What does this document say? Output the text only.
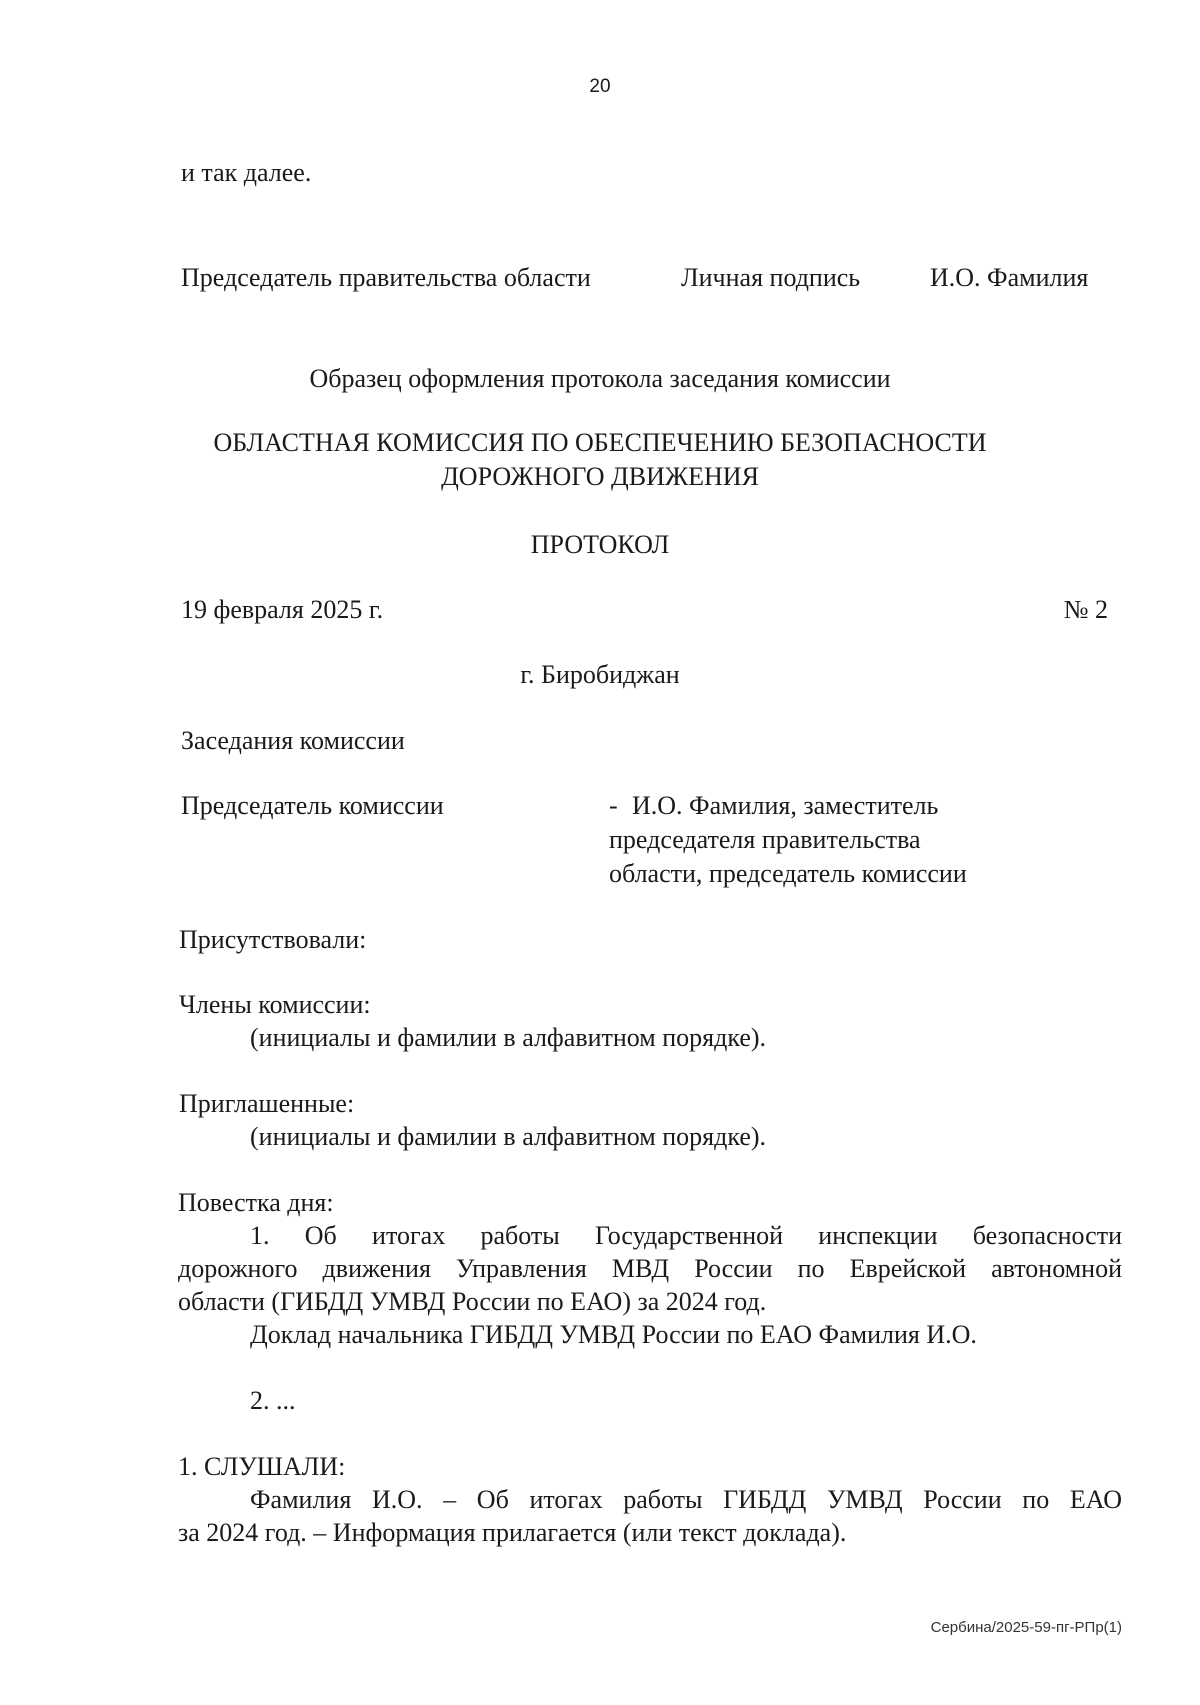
20
и так далее.
Председатель правительства области	Личная подпись	И.О. Фамилия
Образец оформления протокола заседания комиссии
ОБЛАСТНАЯ КОМИССИЯ ПО ОБЕСПЕЧЕНИЮ БЕЗОПАСНОСТИ
ДОРОЖНОГО ДВИЖЕНИЯ
ПРОТОКОЛ
19 февраля 2025 г.	№ 2
г. Биробиджан
Заседания комиссии
Председатель комиссии	- И.О. Фамилия, заместитель
председателя правительства
области, председатель комиссии
Присутствовали:
Члены комиссии:
(инициалы и фамилии в алфавитном порядке).
Приглашенные:
(инициалы и фамилии в алфавитном порядке).
Повестка дня:
1. Об итогах работы Государственной инспекции безопасности
дорожного движения Управления МВД России по Еврейской автономной
области (ГИБДД УМВД России по ЕАО) за 2024 год.
Доклад начальника ГИБДД УМВД России по ЕАО Фамилия И.О.
2. ...
1. СЛУШАЛИ:
Фамилия И.О. – Об итогах работы ГИБДД УМВД России по ЕАО
за 2024 год. – Информация прилагается (или текст доклада).
Сербина/2025-59-пг-РПр(1)
